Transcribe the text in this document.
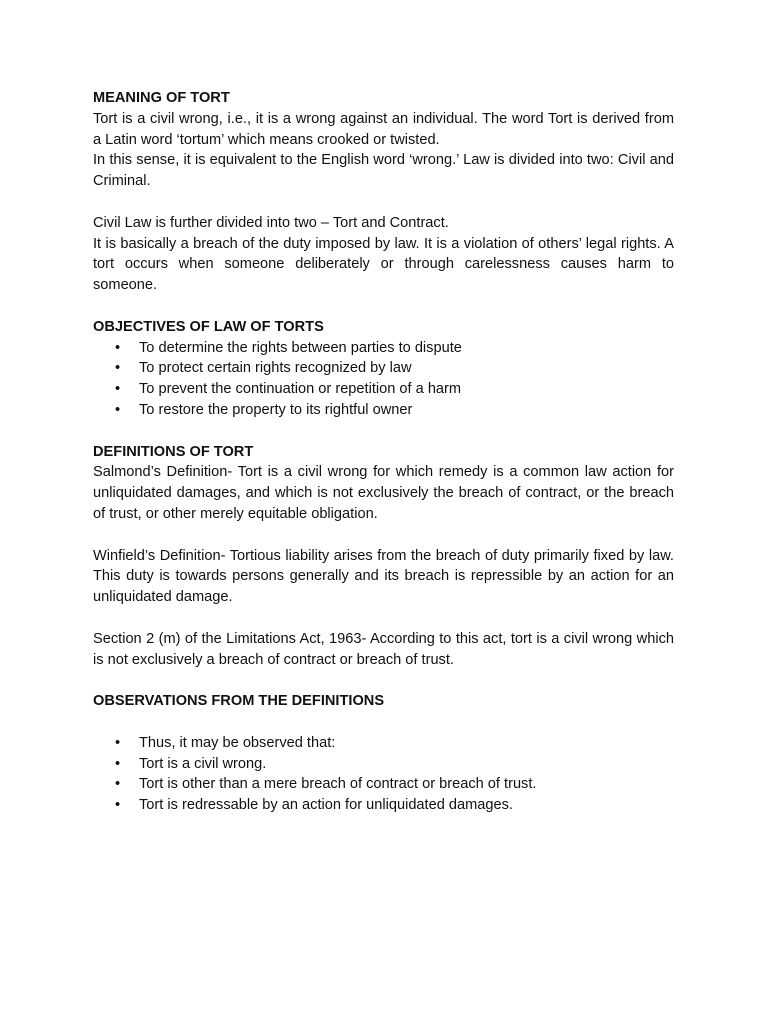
MEANING OF TORT

Tort is a civil wrong, i.e., it is a wrong against an individual. The word Tort is derived from a Latin word ‘tortum’ which means crooked or twisted.

In this sense, it is equivalent to the English word ‘wrong.’ Law is divided into two: Civil and Criminal.

Civil Law is further divided into two – Tort and Contract.

It is basically a breach of the duty imposed by law. It is a violation of others’ legal rights. A tort occurs when someone deliberately or through carelessness causes harm to someone.

OBJECTIVES OF LAW OF TORTS
• To determine the rights between parties to dispute
• To protect certain rights recognized by law
• To prevent the continuation or repetition of a harm
• To restore the property to its rightful owner
DEFINITIONS OF TORT

Salmond’s Definition- Tort is a civil wrong for which remedy is a common law action for unliquidated damages, and which is not exclusively the breach of contract, or the breach of trust, or other merely equitable obligation.

Winfield’s Definition- Tortious liability arises from the breach of duty primarily fixed by law. This duty is towards persons generally and its breach is repressible by an action for an unliquidated damage.

Section 2 (m) of the Limitations Act, 1963- According to this act, tort is a civil wrong which is not exclusively a breach of contract or breach of trust.

OBSERVATIONS FROM THE DEFINITIONS
• Thus, it may be observed that:
• Tort is a civil wrong.
• Tort is other than a mere breach of contract or breach of trust.
• Tort is redressable by an action for unliquidated damages.
